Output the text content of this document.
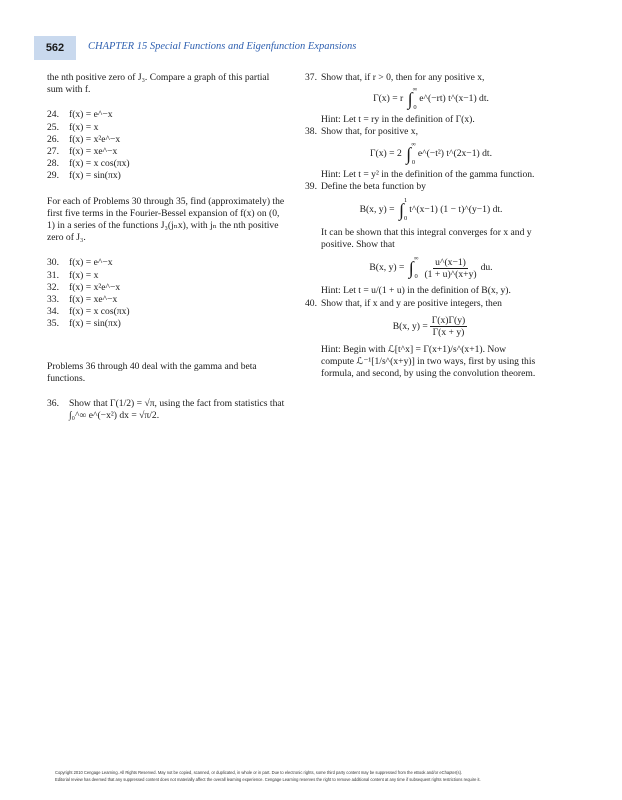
562	CHAPTER 15 Special Functions and Eigenfunction Expansions

the nth positive zero of J₃. Compare a graph of this partial sum with f.

24.	f(x) = e^−x
25.	f(x) = x
26.	f(x) = x²e^−x
27.	f(x) = xe^−x
28.	f(x) = x cos(πx)
29.	f(x) = sin(πx)

For each of Problems 30 through 35, find (approximately) the first five terms in the Fourier-Bessel expansion of f(x) on (0, 1) in a series of the functions J₃(jₙx), with jₙ the nth positive zero of J₃.

30.	f(x) = e^−x
31.	f(x) = x
32.	f(x) = x²e^−x
33.	f(x) = xe^−x
34.	f(x) = x cos(πx)
35.	f(x) = sin(πx)

Problems 36 through 40 deal with the gamma and beta functions.

36.	Show that Γ(1/2) = √π, using the fact from statistics that ∫₀^∞ e^(−x²) dx = √π/2.
37. Show that, if r > 0, then for any positive x,
Γ(x) = r ∫ ∞
0
e^(−rt) t^(x−1) dt.

Hint: Let t = ry in the definition of Γ(x).

38. Show that, for positive x,
Γ(x) = 2 ∫ ∞
0
e^(−t²) t^(2x−1) dt.

Hint: Let t = y² in the definition of the gamma function.

39. Define the beta function by
B(x, y) = ∫ 1
0
t^(x−1) (1 − t)^(y−1) dt.

It can be shown that this integral converges for x and y positive. Show that

B(x, y) = ∫ ∞
$0 \frac{u\^{}(x-1)}{(1 + u)\^{}(x+y)}$ du.

Hint: Let t = u/(1 + u) in the definition of B(x, y).

40. Show that, if x and y are positive integers, then
B(x, $y) = \frac{\Gamma(x)\Gamma(y)}{\Gamma(x + y)}$

Hint: Begin with ℒ[t^x] = Γ(x+1)/s^(x+1). Now compute ℒ⁻¹[1/s^(x+y)] in two ways, first by using this formula, and second, by using the convolution theorem.

Copyright 2010 Cengage Learning. All Rights Reserved. May not be copied, scanned, or duplicated, in whole or in part. Due to electronic rights, some third party content may be suppressed from the eBook and/or eChapter(s).
Editorial review has deemed that any suppressed content does not materially affect the overall learning experience. Cengage Learning reserves the right to remove additional content at any time if subsequent rights restrictions require it.
